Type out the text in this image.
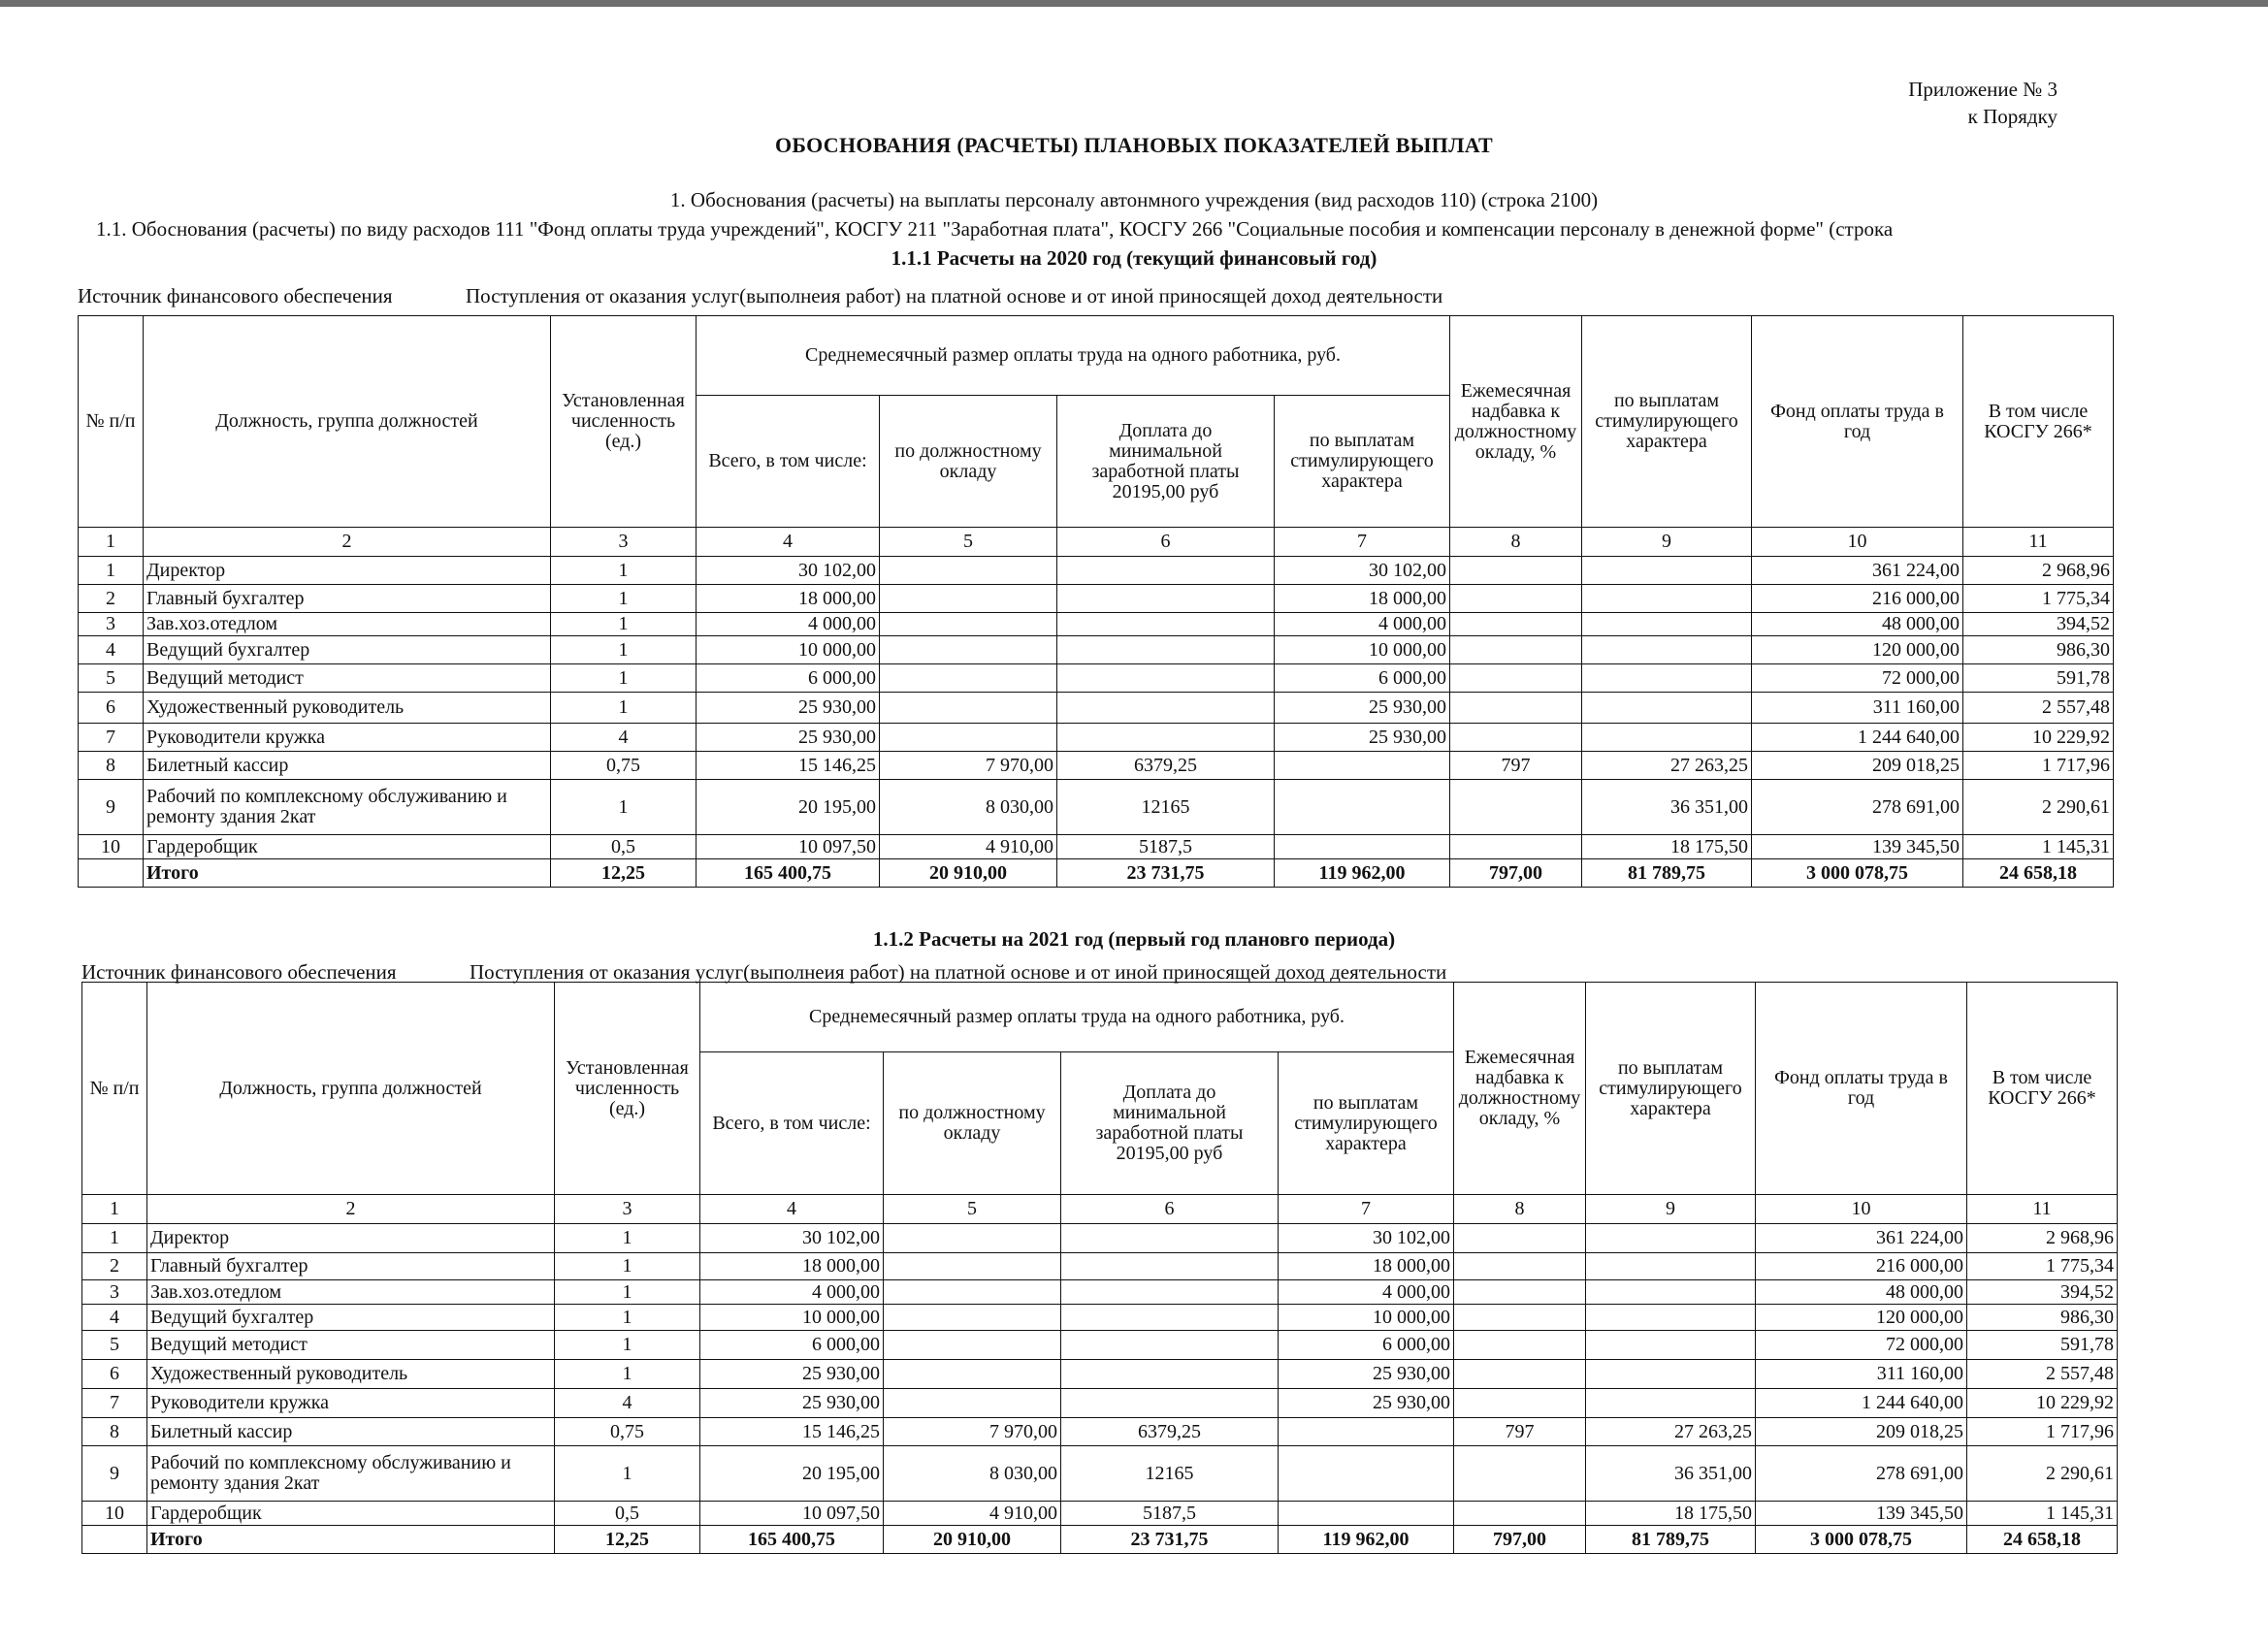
Приложение № 3
к Порядку
ОБОСНОВАНИЯ (РАСЧЕТЫ) ПЛАНОВЫХ ПОКАЗАТЕЛЕЙ ВЫПЛАТ
1. Обоснования (расчеты) на выплаты персоналу автонмного учреждения (вид расходов 110) (строка 2100)
1.1. Обоснования (расчеты) по виду расходов 111 "Фонд оплаты труда учреждений", КОСГУ 211 "Заработная плата", КОСГУ 266 "Социальные пособия и компенсации персоналу в денежной форме" (строка
1.1.1 Расчеты на 2020 год (текущий финансовый год)
Источник финансового обеспечения	Поступления от оказания услуг(выполнеия работ) на платной основе и от иной приносящей доход деятельности
№ п/п	Должность, группа должностей	Установленная численность (ед.)	Среднемесячный размер оплаты труда на одного работника, руб.				Ежемесячная надбавка к должностному окладу, %	по выплатам стимулирующего характера	Фонд оплаты труда в год	В том числе КОСГУ 266*
			Всего, в том числе:	по должностному окладу	Доплата до минимальной заработной платы 20195,00 руб	по выплатам стимулирующего характера				
1	2	3	4	5	6	7	8	9	10	11
1	Директор	1	30 102,00			30 102,00			361 224,00	2 968,96
2	Главный бухгалтер	1	18 000,00			18 000,00			216 000,00	1 775,34
3	Зав.хоз.отедлом	1	4 000,00			4 000,00			48 000,00	394,52
4	Ведущий бухгалтер	1	10 000,00			10 000,00			120 000,00	986,30
5	Ведущий методист	1	6 000,00			6 000,00			72 000,00	591,78
6	Художественный руководитель	1	25 930,00			25 930,00			311 160,00	2 557,48
7	Руководители кружка	4	25 930,00			25 930,00			1 244 640,00	10 229,92
8	Билетный кассир	0,75	15 146,25	7 970,00	6379,25		797	27 263,25	209 018,25	1 717,96
9	Рабочий по комплексному обслуживанию и ремонту здания 2кат	1	20 195,00	8 030,00	12165			36 351,00	278 691,00	2 290,61
10	Гардеробщик	0,5	10 097,50	4 910,00	5187,5			18 175,50	139 345,50	1 145,31
	Итого	12,25	165 400,75	20 910,00	23 731,75	119 962,00	797,00	81 789,75	3 000 078,75	24 658,18
1.1.2 Расчеты на 2021 год (первый год плановго периода)
Источник финансового обеспечения	Поступления от оказания услуг(выполнеия работ) на платной основе и от иной приносящей доход деятельности
№ п/п	Должность, группа должностей	Установленная численность (ед.)	Среднемесячный размер оплаты труда на одного работника, руб.				Ежемесячная надбавка к должностному окладу, %	по выплатам стимулирующего характера	Фонд оплаты труда в год	В том числе КОСГУ 266*
			Всего, в том числе:	по должностному окладу	Доплата до минимальной заработной платы 20195,00 руб	по выплатам стимулирующего характера				
1	2	3	4	5	6	7	8	9	10	11
1	Директор	1	30 102,00			30 102,00			361 224,00	2 968,96
2	Главный бухгалтер	1	18 000,00			18 000,00			216 000,00	1 775,34
3	Зав.хоз.отедлом	1	4 000,00			4 000,00			48 000,00	394,52
4	Ведущий бухгалтер	1	10 000,00			10 000,00			120 000,00	986,30
5	Ведущий методист	1	6 000,00			6 000,00			72 000,00	591,78
6	Художественный руководитель	1	25 930,00			25 930,00			311 160,00	2 557,48
7	Руководители кружка	4	25 930,00			25 930,00			1 244 640,00	10 229,92
8	Билетный кассир	0,75	15 146,25	7 970,00	6379,25		797	27 263,25	209 018,25	1 717,96
9	Рабочий по комплексному обслуживанию и ремонту здания 2кат	1	20 195,00	8 030,00	12165			36 351,00	278 691,00	2 290,61
10	Гардеробщик	0,5	10 097,50	4 910,00	5187,5			18 175,50	139 345,50	1 145,31
	Итого	12,25	165 400,75	20 910,00	23 731,75	119 962,00	797,00	81 789,75	3 000 078,75	24 658,18
